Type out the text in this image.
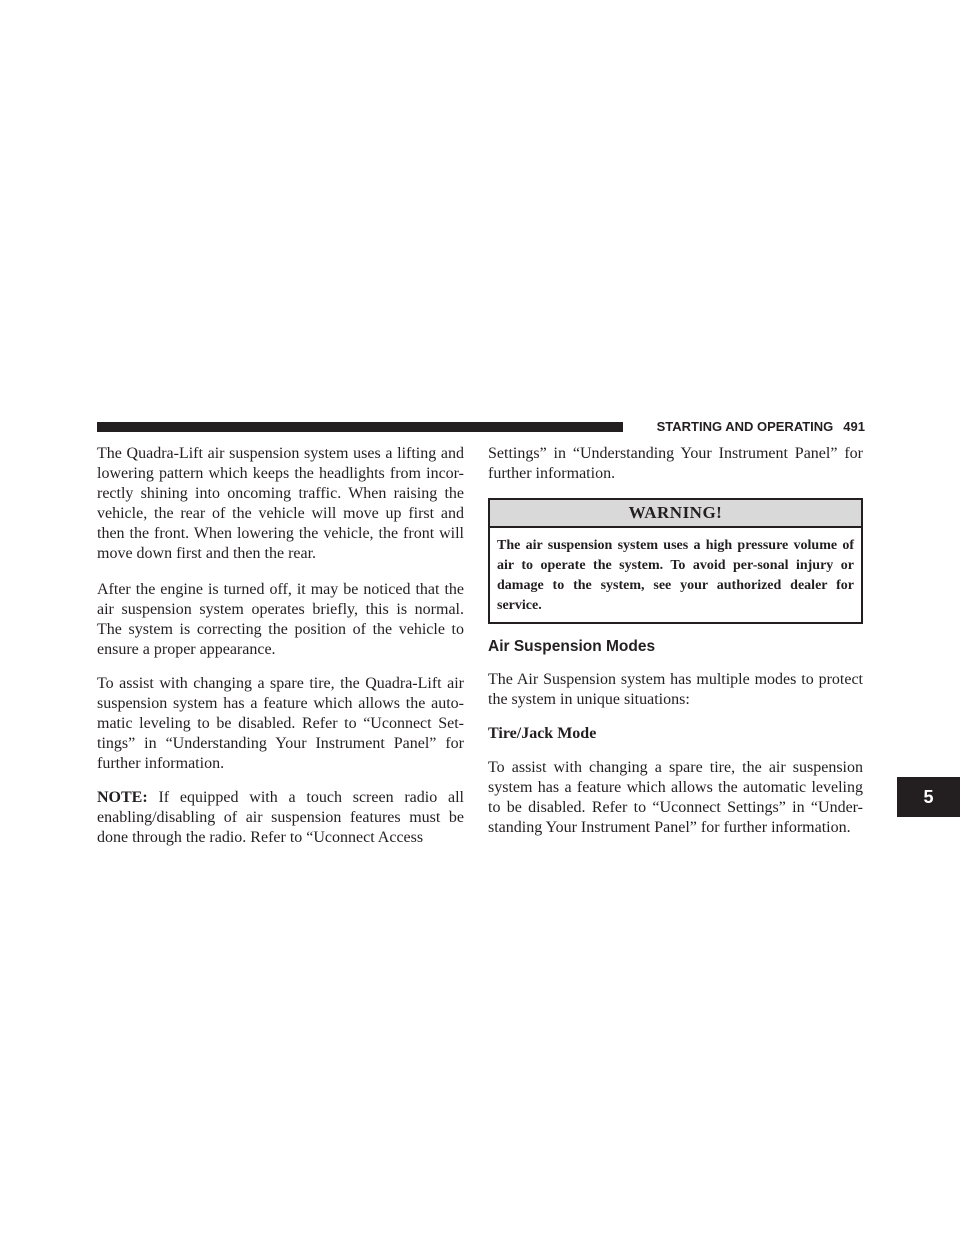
STARTING AND OPERATING 491
5

The Quadra-Lift air suspension system uses a lifting and lowering pattern which keeps the headlights from incor-rectly shining into oncoming traffic. When raising the vehicle, the rear of the vehicle will move up first and then the front. When lowering the vehicle, the front will move down first and then the rear.

After the engine is turned off, it may be noticed that the air suspension system operates briefly, this is normal. The system is correcting the position of the vehicle to ensure a proper appearance.

To assist with changing a spare tire, the Quadra-Lift air suspension system has a feature which allows the auto-matic leveling to be disabled. Refer to “Uconnect Set-tings” in “Understanding Your Instrument Panel” for further information.

NOTE: If equipped with a touch screen radio all enabling/disabling of air suspension features must be done through the radio. Refer to “Uconnect Access

Settings” in “Understanding Your Instrument Panel” for further information.

WARNING!
The air suspension system uses a high pressure volume of air to operate the system. To avoid per-sonal injury or damage to the system, see your authorized dealer for service.
Air Suspension Modes

The Air Suspension system has multiple modes to protect the system in unique situations:

Tire/Jack Mode

To assist with changing a spare tire, the air suspension system has a feature which allows the automatic leveling to be disabled. Refer to “Uconnect Settings” in “Under-standing Your Instrument Panel” for further information.
